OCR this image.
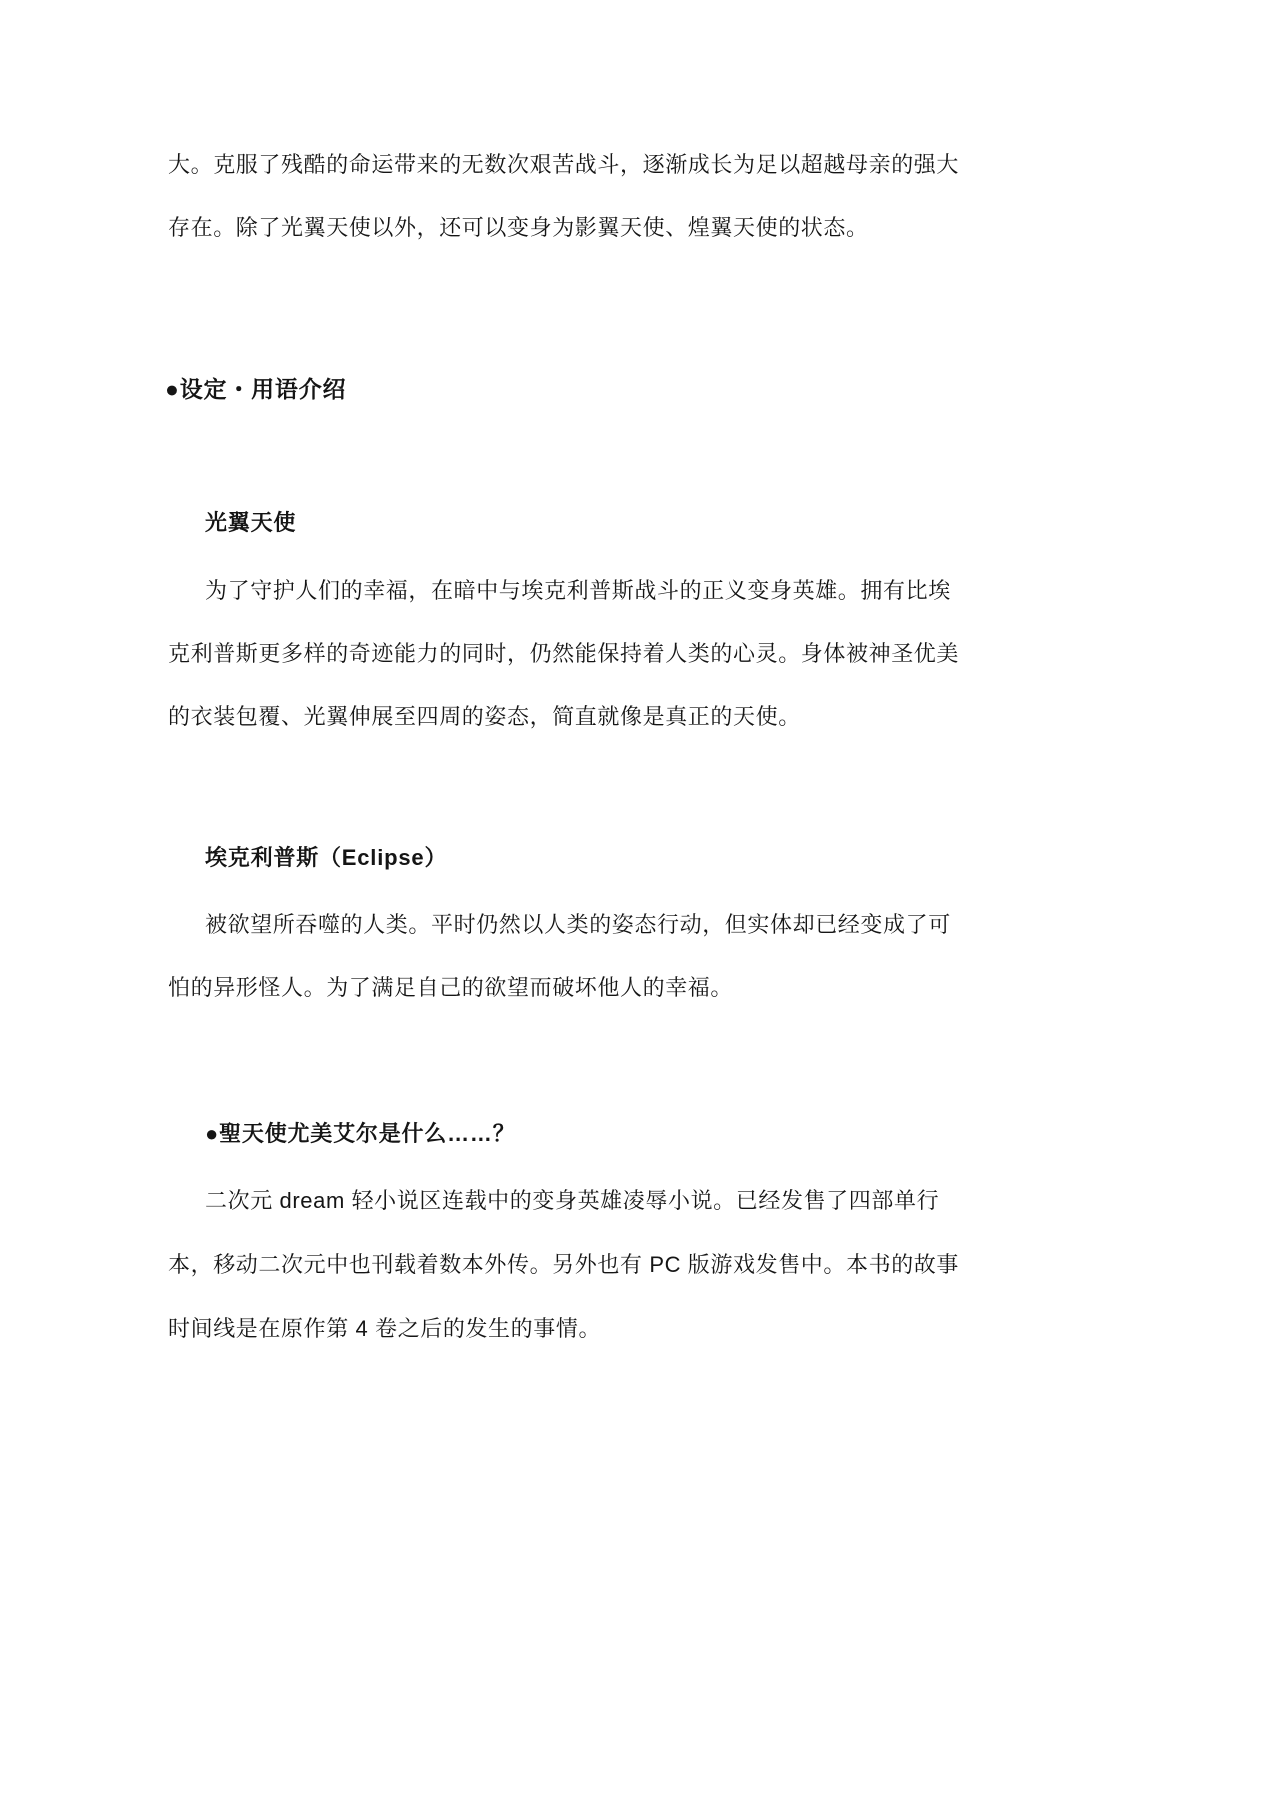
大。克服了残酷的命运带来的无数次艰苦战斗，逐渐成长为足以超越母亲的强大
存在。除了光翼天使以外，还可以变身为影翼天使、煌翼天使的状态。
●设定・用语介绍
光翼天使
为了守护人们的幸福，在暗中与埃克利普斯战斗的正义变身英雄。拥有比埃
克利普斯更多样的奇迹能力的同时，仍然能保持着人类的心灵。身体被神圣优美
的衣装包覆、光翼伸展至四周的姿态，简直就像是真正的天使。
埃克利普斯（Eclipse）
被欲望所吞噬的人类。平时仍然以人类的姿态行动，但实体却已经变成了可
怕的异形怪人。为了满足自己的欲望而破坏他人的幸福。
●聖天使尤美艾尔是什么……？
二次元 dream 轻小说区连载中的变身英雄凌辱小说。已经发售了四部单行
本，移动二次元中也刊载着数本外传。另外也有 PC 版游戏发售中。本书的故事
时间线是在原作第 4 卷之后的发生的事情。
